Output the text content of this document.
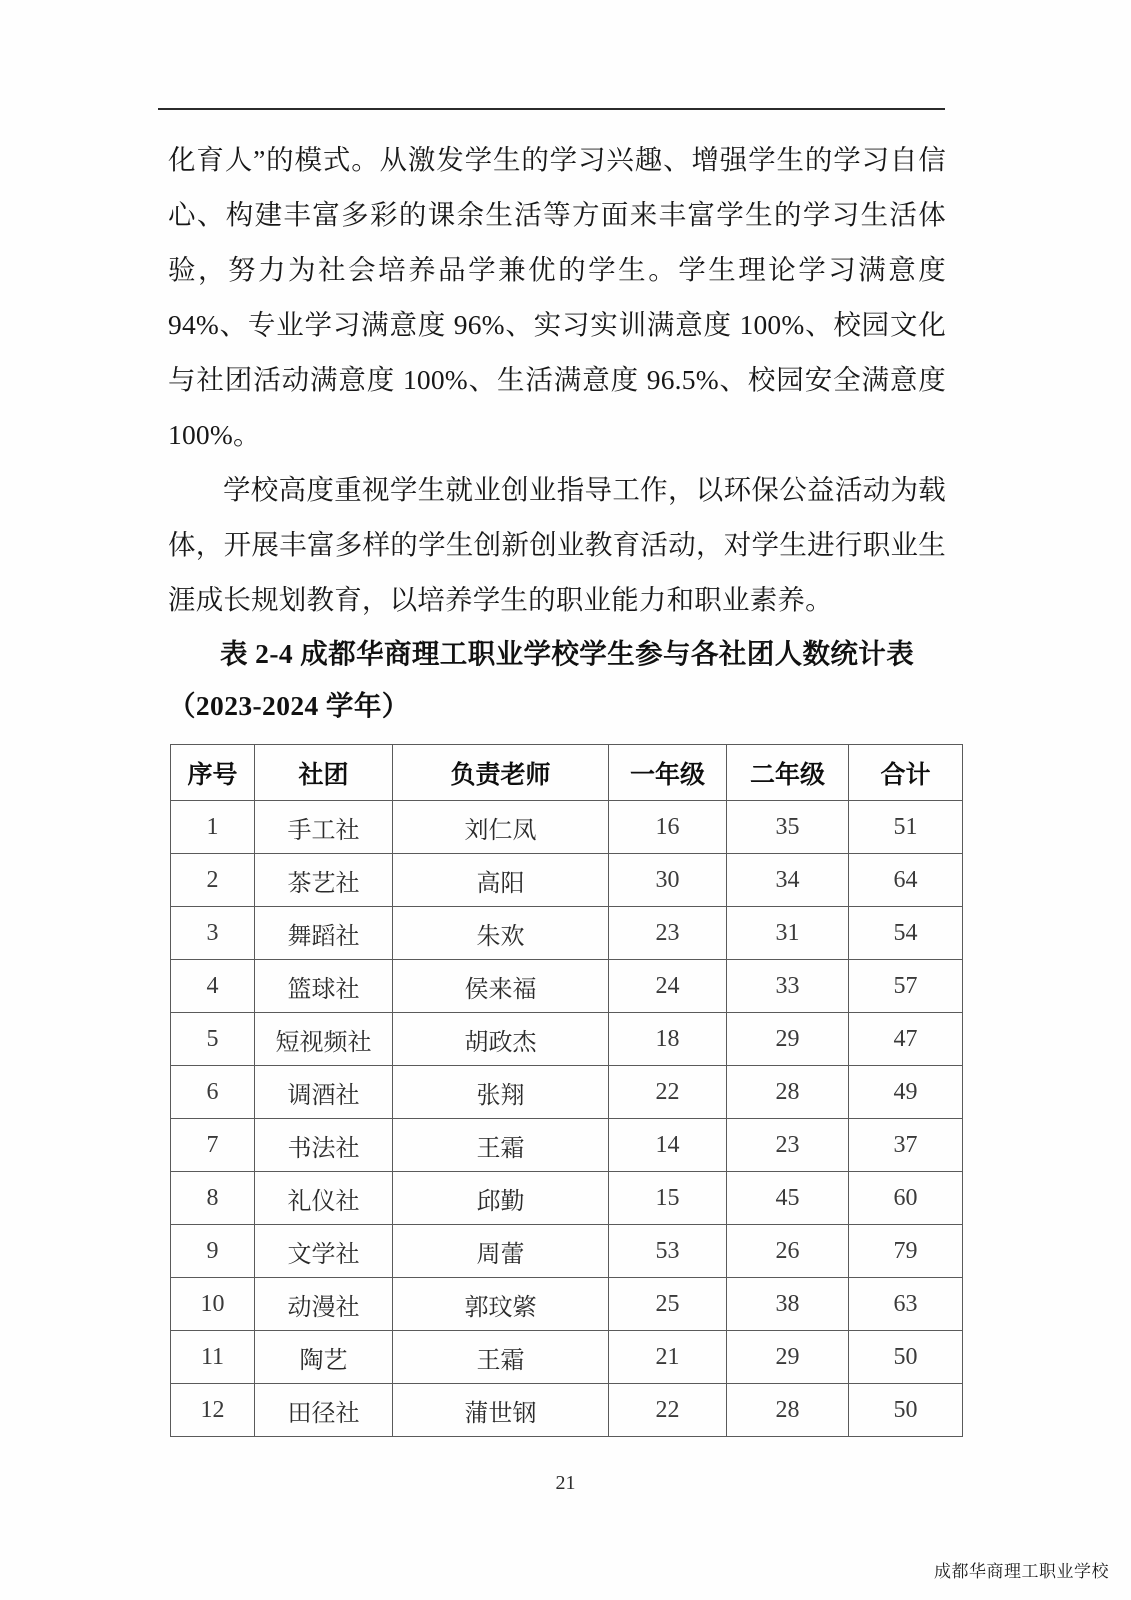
化育人”的模式。从激发学生的学习兴趣、增强学生的学习自信心、构建丰富多彩的课余生活等方面来丰富学生的学习生活体验，努力为社会培养品学兼优的学生。学生理论学习满意度 94%、专业学习满意度 96%、实习实训满意度 100%、校园文化与社团活动满意度 100%、生活满意度 96.5%、校园安全满意度 100%。

学校高度重视学生就业创业指导工作，以环保公益活动为载体，开展丰富多样的学生创新创业教育活动，对学生进行职业生涯成长规划教育，以培养学生的职业能力和职业素养。

表 2-4 成都华商理工职业学校学生参与各社团人数统计表
（2023-2024 学年）
序号	社团	负责老师	一年级	二年级	合计
1	手工社	刘仁凤	16	35	51
2	茶艺社	高阳	30	34	64
3	舞蹈社	朱欢	23	31	54
4	篮球社	侯来福	24	33	57
5	短视频社	胡政杰	18	29	47
6	调酒社	张翔	22	28	49
7	书法社	王霜	14	23	37
8	礼仪社	邱勤	15	45	60
9	文学社	周蕾	53	26	79
10	动漫社	郭玟綮	25	38	63
11	陶艺	王霜	21	29	50
12	田径社	蒲世钢	22	28	50
21
成都华商理工职业学校
